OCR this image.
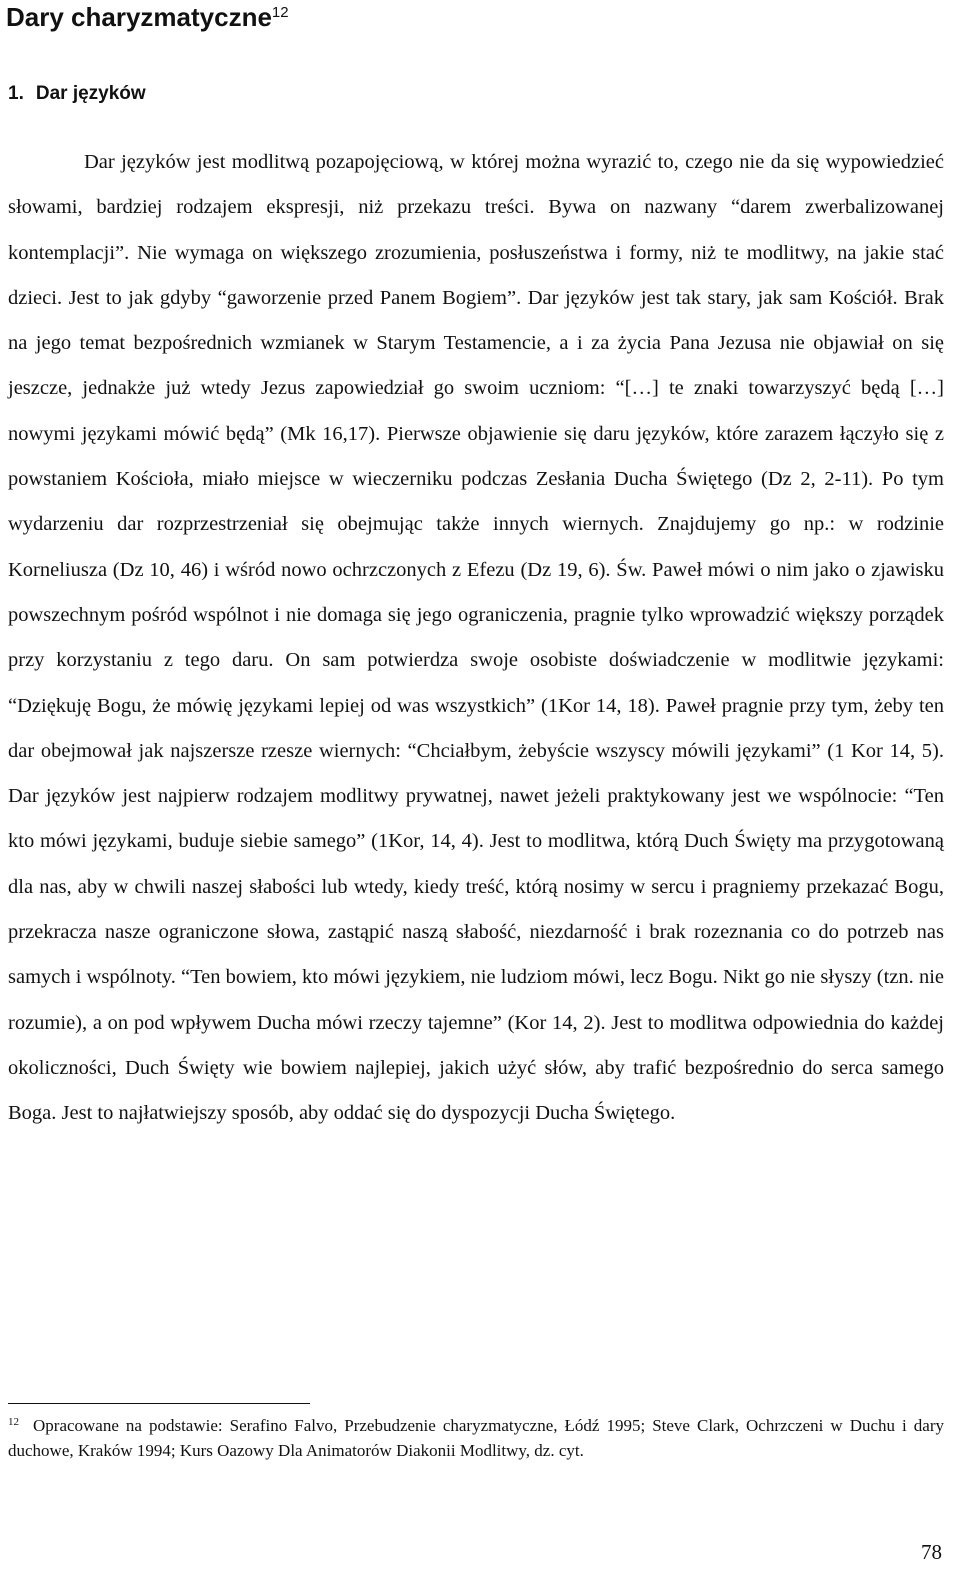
Dary charyzmatyczne$^{12}$
1. Dar języków

Dar języków jest modlitwą pozapojęciową, w której można wyrazić to, czego nie da się wypowiedzieć słowami, bardziej rodzajem ekspresji, niż przekazu treści. Bywa on nazwany “darem zwerbalizowanej kontemplacji”. Nie wymaga on większego zrozumienia, posłuszeństwa i formy, niż te modlitwy, na jakie stać dzieci. Jest to jak gdyby “gaworzenie przed Panem Bogiem”. Dar języków jest tak stary, jak sam Kościół. Brak na jego temat bezpośrednich wzmianek w Starym Testamencie, a i za życia Pana Jezusa nie objawiał on się jeszcze, jednakże już wtedy Jezus zapowiedział go swoim uczniom: “[…] te znaki towarzyszyć będą […] nowymi językami mówić będą” (Mk 16,17). Pierwsze objawienie się daru języków, które zarazem łączyło się z powstaniem Kościoła, miało miejsce w wieczerniku podczas Zesłania Ducha Świętego (Dz 2, 2-11). Po tym wydarzeniu dar rozprzestrzeniał się obejmując także innych wiernych. Znajdujemy go np.: w rodzinie Korneliusza (Dz 10, 46) i wśród nowo ochrzczonych z Efezu (Dz 19, 6). Św. Paweł mówi o nim jako o zjawisku powszechnym pośród wspólnot i nie domaga się jego ograniczenia, pragnie tylko wprowadzić większy porządek przy korzystaniu z tego daru. On sam potwierdza swoje osobiste doświadczenie w modlitwie językami: “Dziękuję Bogu, że mówię językami lepiej od was wszystkich” (1Kor 14, 18). Paweł pragnie przy tym, żeby ten dar obejmował jak najszersze rzesze wiernych: “Chciałbym, żebyście wszyscy mówili językami” (1 Kor 14, 5). Dar języków jest najpierw rodzajem modlitwy prywatnej, nawet jeżeli praktykowany jest we wspólnocie: “Ten kto mówi językami, buduje siebie samego” (1Kor, 14, 4). Jest to modlitwa, którą Duch Święty ma przygotowaną dla nas, aby w chwili naszej słabości lub wtedy, kiedy treść, którą nosimy w sercu i pragniemy przekazać Bogu, przekracza nasze ograniczone słowa, zastąpić naszą słabość, niezdarność i brak rozeznania co do potrzeb nas samych i wspólnoty. “Ten bowiem, kto mówi językiem, nie ludziom mówi, lecz Bogu. Nikt go nie słyszy (tzn. nie rozumie), a on pod wpływem Ducha mówi rzeczy tajemne” (Kor 14, 2). Jest to modlitwa odpowiednia do każdej okoliczności, Duch Święty wie bowiem najlepiej, jakich użyć słów, aby trafić bezpośrednio do serca samego Boga. Jest to najłatwiejszy sposób, aby oddać się do dyspozycji Ducha Świętego.

$^{12}$ Opracowane na podstawie: Serafino Falvo, Przebudzenie charyzmatyczne, Łódź 1995; Steve Clark, Ochrzczeni w Duchu i dary duchowe, Kraków 1994; Kurs Oazowy Dla Animatorów Diakonii Modlitwy, dz. cyt.

78
